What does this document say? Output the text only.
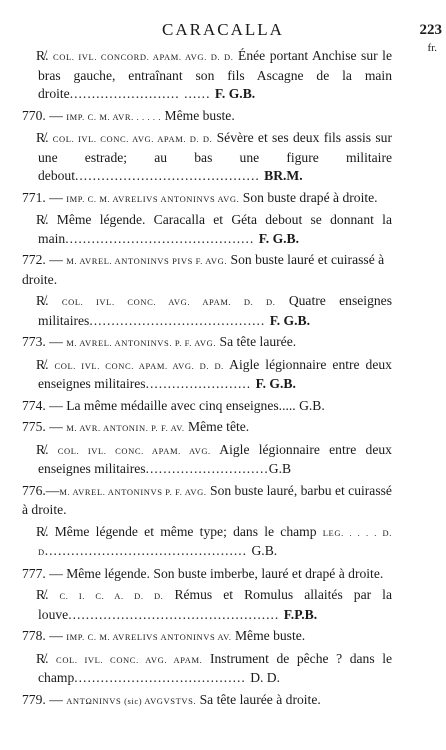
CARACALLA	223
fr.
R̸. COL. IVL. CONCORD. APAM. AVG. D. D. Énée portant Anchise sur le bras gauche, entraînant son fils Ascagne de la main droite......................... ...... F. G.B.
770. — IMP. C. M. AVR. . . . . . Même buste.
R̸. COL. IVL. CONC. AVG. APAM. D. D. Sévère et ses deux fils assis sur une estrade; au bas une figure militaire debout.......................................... BR.M.
771. — IMP. C. M. AVRELIVS ANTONINVS AVG. Son buste drapé à droite.
R̸. Même légende. Caracalla et Géta debout se donnant la main........................................... F. G.B.
772. — M. AVREL. ANTONINVS PIVS F. AVG. Son buste lauré et cuirassé à droite.
R̸. COL. IVL. CONC. AVG. APAM. D. D. Quatre enseignes militaires........................................ F. G.B.
773. — M. AVREL. ANTONINVS. P. F. AVG. Sa tête laurée.
R̸. COL. IVL. CONC. APAM. AVG. D. D. Aigle légionnaire entre deux enseignes militaires........................ F. G.B.
774. — La même médaille avec cinq enseignes..... G.B.
775. — M. AVR. ANTONIN. P. F. AV. Même tête.
R̸. COL. IVL. CONC. APAM. AVG. Aigle légionnaire entre deux enseignes militaires............................G.B
776.—M. AVREL. ANTONINVS P. F. AVG. Son buste lauré, barbu et cuirassé à droite.
R̸. Même légende et même type; dans le champ LEG. . . . . D. D.............................................. G.B.
777. — Même légende. Son buste imberbe, lauré et drapé à droite.
R̸. C. I. C. A. D. D. Rémus et Romulus allaités par la louve................................................ F.P.B.
778. — IMP. C. M. AVRELIVS ANTONINVS AV. Même buste.
R̸. COL. IVL. CONC. AVG. APAM. Instrument de pêche ? dans le champ....................................... D. D.
779. — ANTΩNINVS (sic) AVGVSTVS. Sa tête laurée à droite.
